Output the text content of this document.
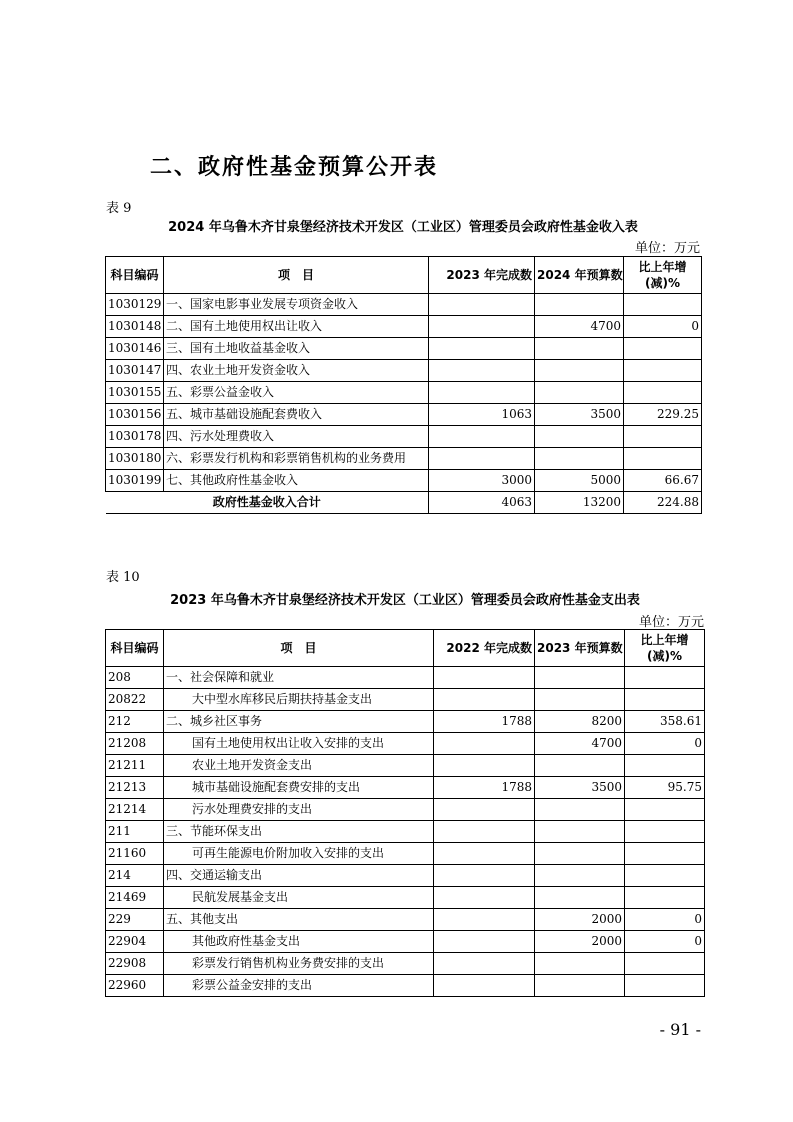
二、政府性基金预算公开表
表 9
2024 年乌鲁木齐甘泉堡经济技术开发区（工业区）管理委员会政府性基金收入表
单位：万元
科目编码	项　目	2023 年完成数	2024 年预算数	比上年增(减)%
1030129	一、国家电影事业发展专项资金收入			
1030148	二、国有土地使用权出让收入		4700	0
1030146	三、国有土地收益基金收入			
1030147	四、农业土地开发资金收入			
1030155	五、彩票公益金收入			
1030156	五、城市基础设施配套费收入	1063	3500	229.25
1030178	四、污水处理费收入			
1030180	六、彩票发行机构和彩票销售机构的业务费用			
1030199	七、其他政府性基金收入	3000	5000	66.67
政府性基金收入合计		4063	13200	224.88
表 10
2023 年乌鲁木齐甘泉堡经济技术开发区（工业区）管理委员会政府性基金支出表
单位：万元
科目编码	项　目	2022 年完成数	2023 年预算数	比上年增(减)%
208	一、社会保障和就业			
20822	大中型水库移民后期扶持基金支出			
212	二、城乡社区事务	1788	8200	358.61
21208	国有土地使用权出让收入安排的支出		4700	0
21211	农业土地开发资金支出			
21213	城市基础设施配套费安排的支出	1788	3500	95.75
21214	污水处理费安排的支出			
211	三、节能环保支出			
21160	可再生能源电价附加收入安排的支出			
214	四、交通运输支出			
21469	民航发展基金支出			
229	五、其他支出		2000	0
22904	其他政府性基金支出		2000	0
22908	彩票发行销售机构业务费安排的支出			
22960	彩票公益金安排的支出			
- 91 -
